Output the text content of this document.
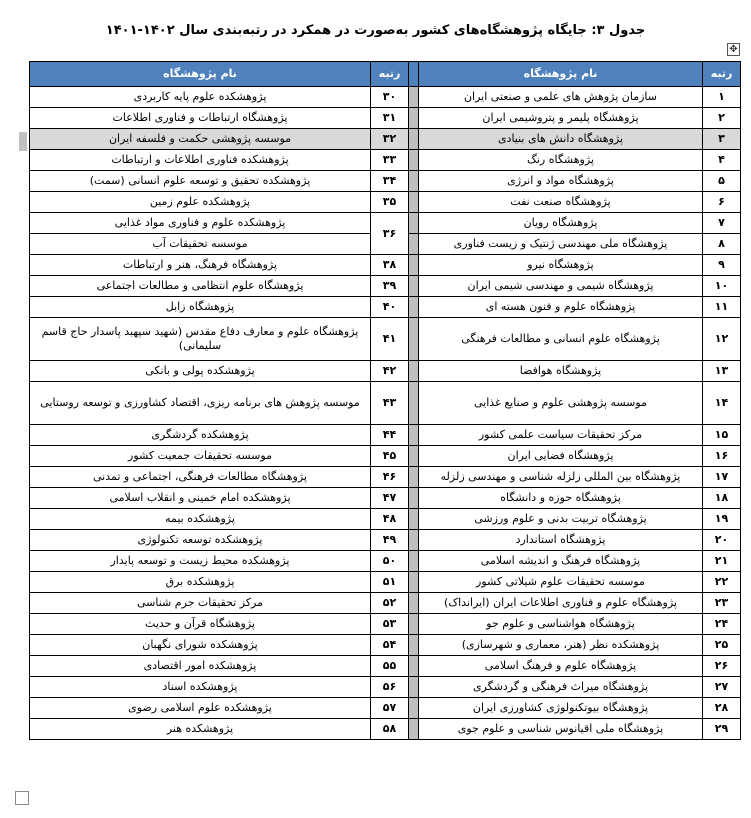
جدول ۳: جایگاه پژوهشگاه‌های کشور به‌صورت در همکرد در رتبه‌بندی سال ۱۴۰۲-۱۴۰۱
✥
رتبه	نام پژوهشگاه		رتبه	نام پژوهشگاه
۱	سازمان پژوهش های علمی و صنعتی ایران		۳۰	پژوهشکده علوم پایه کاربردی
۲	پژوهشگاه پلیمر و پتروشیمی ایران		۳۱	پژوهشگاه ارتباطات و فناوری اطلاعات
۳	پژوهشگاه دانش های بنیادی		۳۲	موسسه پژوهشی حکمت و فلسفه ایران
۴	پژوهشگاه رنگ		۳۳	پژوهشکده فناوری اطلاعات و ارتباطات
۵	پژوهشگاه مواد و انرژی		۳۴	پژوهشکده تحقیق و توسعه علوم انسانی (سمت)
۶	پژوهشگاه صنعت نفت		۳۵	پژوهشکده علوم زمین
۷	پژوهشگاه رویان		۳۶	پژوهشکده علوم و فناوری مواد غذایی
۸	پژوهشگاه ملی مهندسی ژنتیک و زیست فناوری			موسسه تحقیقات آب
۹	پژوهشگاه نیرو		۳۸	پژوهشگاه فرهنگ، هنر و ارتباطات
۱۰	پژوهشگاه شیمی و مهندسی شیمی ایران		۳۹	پژوهشگاه علوم انتظامی و مطالعات اجتماعی
۱۱	پژوهشگاه علوم و فنون هسته ای		۴۰	پژوهشگاه زابل
۱۲	پژوهشگاه علوم انسانی و مطالعات فرهنگی		۴۱	پژوهشگاه علوم و معارف دفاع مقدس (شهید سپهبد پاسدار حاج قاسم سلیمانی)
۱۳	پژوهشگاه هوافضا		۴۲	پژوهشکده پولی و بانکی
۱۴	موسسه پژوهشی علوم و صنایع غذایی		۴۳	موسسه پژوهش های برنامه ریزی، اقتصاد کشاورزی و توسعه روستایی
۱۵	مرکز تحقیقات سیاست علمی کشور		۴۴	پژوهشکده گردشگری
۱۶	پژوهشگاه فضایی ایران		۴۵	موسسه تحقیقات جمعیت کشور
۱۷	پژوهشگاه بین المللی زلزله شناسی و مهندسی زلزله		۴۶	پژوهشگاه مطالعات فرهنگی، اجتماعی و تمدنی
۱۸	پژوهشگاه حوزه و دانشگاه		۴۷	پژوهشکده امام خمینی و انقلاب اسلامی
۱۹	پژوهشگاه تربیت بدنی و علوم ورزشی		۴۸	پژوهشکده بیمه
۲۰	پژوهشگاه استاندارد		۴۹	پژوهشکده توسعه تکنولوژی
۲۱	پژوهشگاه فرهنگ و اندیشه اسلامی		۵۰	پژوهشکده محیط زیست و توسعه پایدار
۲۲	موسسه تحقیقات علوم شیلاتی کشور		۵۱	پژوهشکده برق
۲۳	پژوهشگاه علوم و فناوری اطلاعات ایران (ایرانداک)		۵۲	مرکز تحقیقات جرم شناسی
۲۴	پژوهشگاه هواشناسی و علوم جو		۵۳	پژوهشگاه قرآن و حدیث
۲۵	پژوهشکده نظر (هنر، معماری و شهرسازی)		۵۴	پژوهشکده شورای نگهبان
۲۶	پژوهشگاه علوم و فرهنگ اسلامی		۵۵	پژوهشکده امور اقتصادی
۲۷	پژوهشگاه میراث فرهنگی و گردشگری		۵۶	پژوهشکده اسناد
۲۸	پژوهشگاه بیوتکنولوژی کشاورزی ایران		۵۷	پژوهشکده علوم اسلامی رضوی
۲۹	پژوهشگاه ملی اقیانوس شناسی و علوم جوی		۵۸	پژوهشکده هنر
